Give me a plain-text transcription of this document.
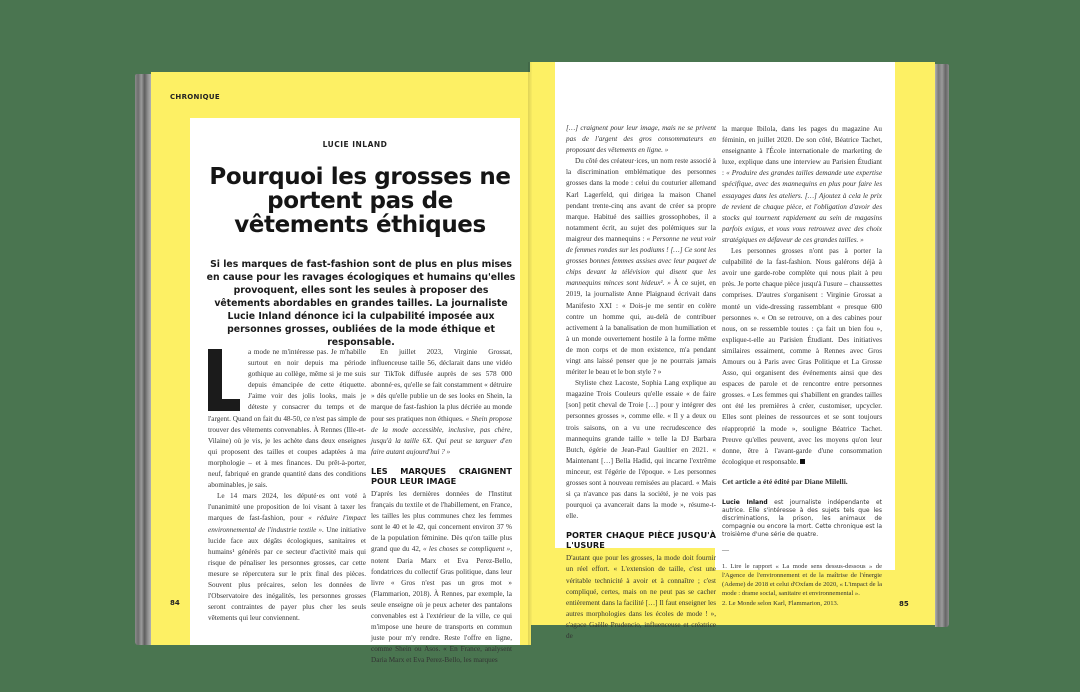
CHRONIQUE
LUCIE INLAND
Pourquoi les grosses ne portent pas de vêtements éthiques
Si les marques de fast-fashion sont de plus en plus mises en cause pour les ravages écologiques et humains qu'elles provoquent, elles sont les seules à proposer des vêtements abordables en grandes tailles. La journaliste Lucie Inland dénonce ici la culpabilité imposée aux personnes grosses, oubliées de la mode éthique et responsable.

a mode ne m'intéresse pas. Je m'habille surtout en noir depuis ma période gothique au collège, même si je me suis depuis émancipée de cette étiquette. J'aime voir des jolis looks, mais je déteste y consacrer du temps et de l'argent. Quand on fait du 48-50, ce n'est pas simple de trouver des vêtements convenables. À Rennes (Ille-et-Vilaine) où je vis, je les achète dans deux enseignes qui proposent des tailles et coupes adaptées à ma morphologie – et à mes finances. Du prêt-à-porter, neuf, fabriqué en grande quantité dans des conditions abominables, je sais.

Le 14 mars 2024, les député·es ont voté à l'unanimité une proposition de loi visant à taxer les marques de fast-fashion, pour « réduire l'impact environnemental de l'industrie textile ». Une initiative lucide face aux dégâts écologiques, sanitaires et humains¹ générés par ce secteur d'activité mais qui risque de pénaliser les personnes grosses, car cette mesure se répercutera sur le prix final des pièces. Souvent plus précaires, selon les données de l'Observatoire des inégalités, les personnes grosses seront contraintes de payer plus cher les seuls vêtements qui leur conviennent.

En juillet 2023, Virginie Grossat, influenceuse taille 56, déclarait dans une vidéo sur TikTok diffusée auprès de ses 578 000 abonné·es, qu'elle se fait constamment « détruire » dès qu'elle publie un de ses looks en Shein, la marque de fast-fashion la plus décriée au monde pour ses pratiques non éthiques. « Shein propose de la mode accessible, inclusive, pas chère, jusqu'à la taille 6X. Qui peut se targuer d'en faire autant aujourd'hui ? »

LES MARQUES CRAIGNENT POUR LEUR IMAGE

D'après les dernières données de l'Institut français du textile et de l'habillement, en France, les tailles les plus communes chez les femmes sont le 40 et le 42, qui concernent environ 37 % de la population féminine. Dès qu'on taille plus grand que du 42, « les choses se compliquent », notent Daria Marx et Eva Perez-Bello, fondatrices du collectif Gras politique, dans leur livre « Gros n'est pas un gros mot » (Flammarion, 2018). À Rennes, par exemple, la seule enseigne où je peux acheter des pantalons convenables est à l'extérieur de la ville, ce qui m'impose une heure de transports en commun juste pour m'y rendre. Reste l'offre en ligne, comme Shein ou Asos. « En France, analysent Daria Marx et Eva Perez-Bello, les marques

[…] craignent pour leur image, mais ne se privent pas de l'argent des gros consommateurs en proposant des vêtements en ligne. »

Du côté des créateur·ices, un nom reste associé à la discrimination emblématique des personnes grosses dans la mode : celui du couturier allemand Karl Lagerfeld, qui dirigea la maison Chanel pendant trente-cinq ans avant de créer sa propre marque. Habitué des saillies grossophobes, il a notamment écrit, au sujet des polémiques sur la maigreur des mannequins : « Personne ne veut voir de femmes rondes sur les podiums ! […] Ce sont les grosses bonnes femmes assises avec leur paquet de chips devant la télévision qui disent que les mannequins minces sont hideux². » À ce sujet, en 2019, la journaliste Anne Plaignaud écrivait dans Manifesto XXI : « Dois-je me sentir en colère contre un homme qui, au-delà de contribuer activement à la banalisation de mon humiliation et à un monde ouvertement hostile à la forme même de mon corps et de mon existence, m'a pendant vingt ans laissé penser que je ne pourrais jamais mériter le beau et le bon style ? »

Styliste chez Lacoste, Sophia Lang explique au magazine Trois Couleurs qu'elle essaie « de faire [son] petit cheval de Troie […] pour y intégrer des personnes grosses », comme elle. « Il y a deux ou trois saisons, on a vu une recrudescence des mannequins grande taille » telle la DJ Barbara Butch, égérie de Jean-Paul Gaultier en 2021. « Maintenant […] Bella Hadid, qui incarne l'extrême minceur, est l'égérie de l'époque. » Les personnes grosses sont à nouveau remisées au placard. « Mais si ça n'avance pas dans la société, je ne vois pas pourquoi ça avancerait dans la mode », résume-t-elle.

PORTER CHAQUE PIÈCE JUSQU'À L'USURE

D'autant que pour les grosses, la mode doit fournir un réel effort. « L'extension de taille, c'est une véritable technicité à avoir et à connaître ; c'est compliqué, certes, mais on ne peut pas se cacher entièrement dans la facilité […] Il faut enseigner les autres morphologies dans les écoles de mode ! », s'agace Gaëlle Prudencio, influenceuse et créatrice de

la marque Ibilola, dans les pages du magazine Au féminin, en juillet 2020. De son côté, Béatrice Tachet, enseignante à l'École internationale de marketing de luxe, explique dans une interview au Parisien Étudiant : « Produire des grandes tailles demande une expertise spécifique, avec des mannequins en plus pour faire les essayages dans les ateliers. […] Ajoutez à cela le prix de revient de chaque pièce, et l'obligation d'avoir des stocks qui tournent rapidement au sein de magasins parfois exigus, et vous vous retrouvez avec des choix stratégiques en défaveur de ces grandes tailles. »

Les personnes grosses n'ont pas à porter la culpabilité de la fast-fashion. Nous galérons déjà à avoir une garde-robe complète qui nous plait à peu près. Je porte chaque pièce jusqu'à l'usure – chaussettes comprises. D'autres s'organisent : Virginie Grossat a monté un vide-dressing rassemblant « presque 600 personnes ». « On se retrouve, on a des cabines pour nous, on se ressemble toutes : ça fait un bien fou », explique-t-elle au Parisien Étudiant. Des initiatives similaires essaiment, comme à Rennes avec Gros Amours ou à Paris avec Gras Politique et La Grosse Asso, qui organisent des événements ainsi que des espaces de parole et de rencontre entre personnes grosses. « Les femmes qui s'habillent en grandes tailles ont été les premières à créer, customiser, upcycler. Elles sont pleines de ressources et se sont toujours réapproprié la mode », souligne Béatrice Tachet. Preuve qu'elles peuvent, avec les moyens qu'on leur donne, être à l'avant-garde d'une consommation écologique et responsable.

Cet article a été édité par Diane Milelli.
Lucie Inland est journaliste indépendante et autrice. Elle s'intéresse à des sujets tels que les discriminations, la prison, les animaux de compagnie ou encore la mort. Cette chronique est la troisième d'une série de quatre.
—
1. Lire le rapport « La mode sens dessus-dessous » de l'Agence de l'environnement et de la maîtrise de l'énergie (Ademe) de 2018 et celui d'Oxfam de 2020, « L'impact de la mode : drame social, sanitaire et environnemental ».
2. Le Monde selon Karl, Flammarion, 2013.
84	85
